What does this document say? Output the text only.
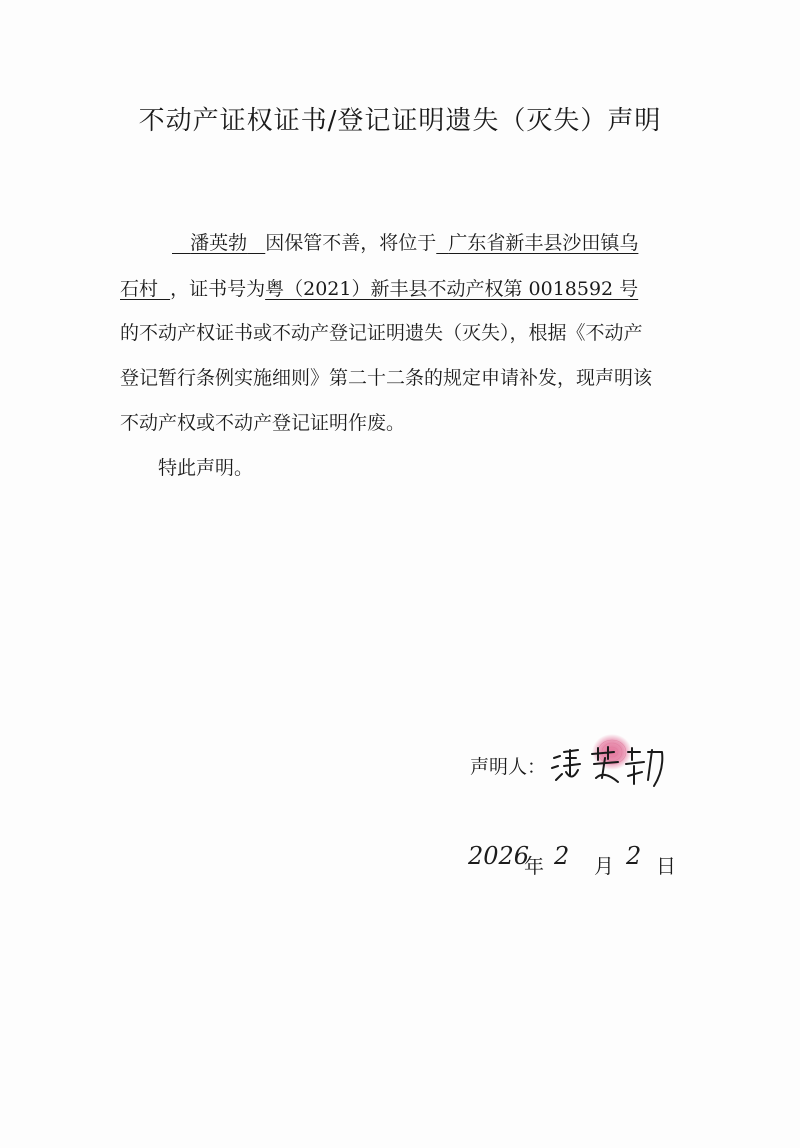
不动产证权证书/登记证明遗失（灭失）声明
潘英勃 因保管不善，将位于 广东省新丰县沙田镇乌
石村 ，证书号为粤（2021）新丰县不动产权第 0018592 号
的不动产权证书或不动产登记证明遗失（灭失），根据《不动产
登记暂行条例实施细则》第二十二条的规定申请补发，现声明该
不动产权或不动产登记证明作废。
特此声明。
声明人：
2026
年 2 月 2 日
